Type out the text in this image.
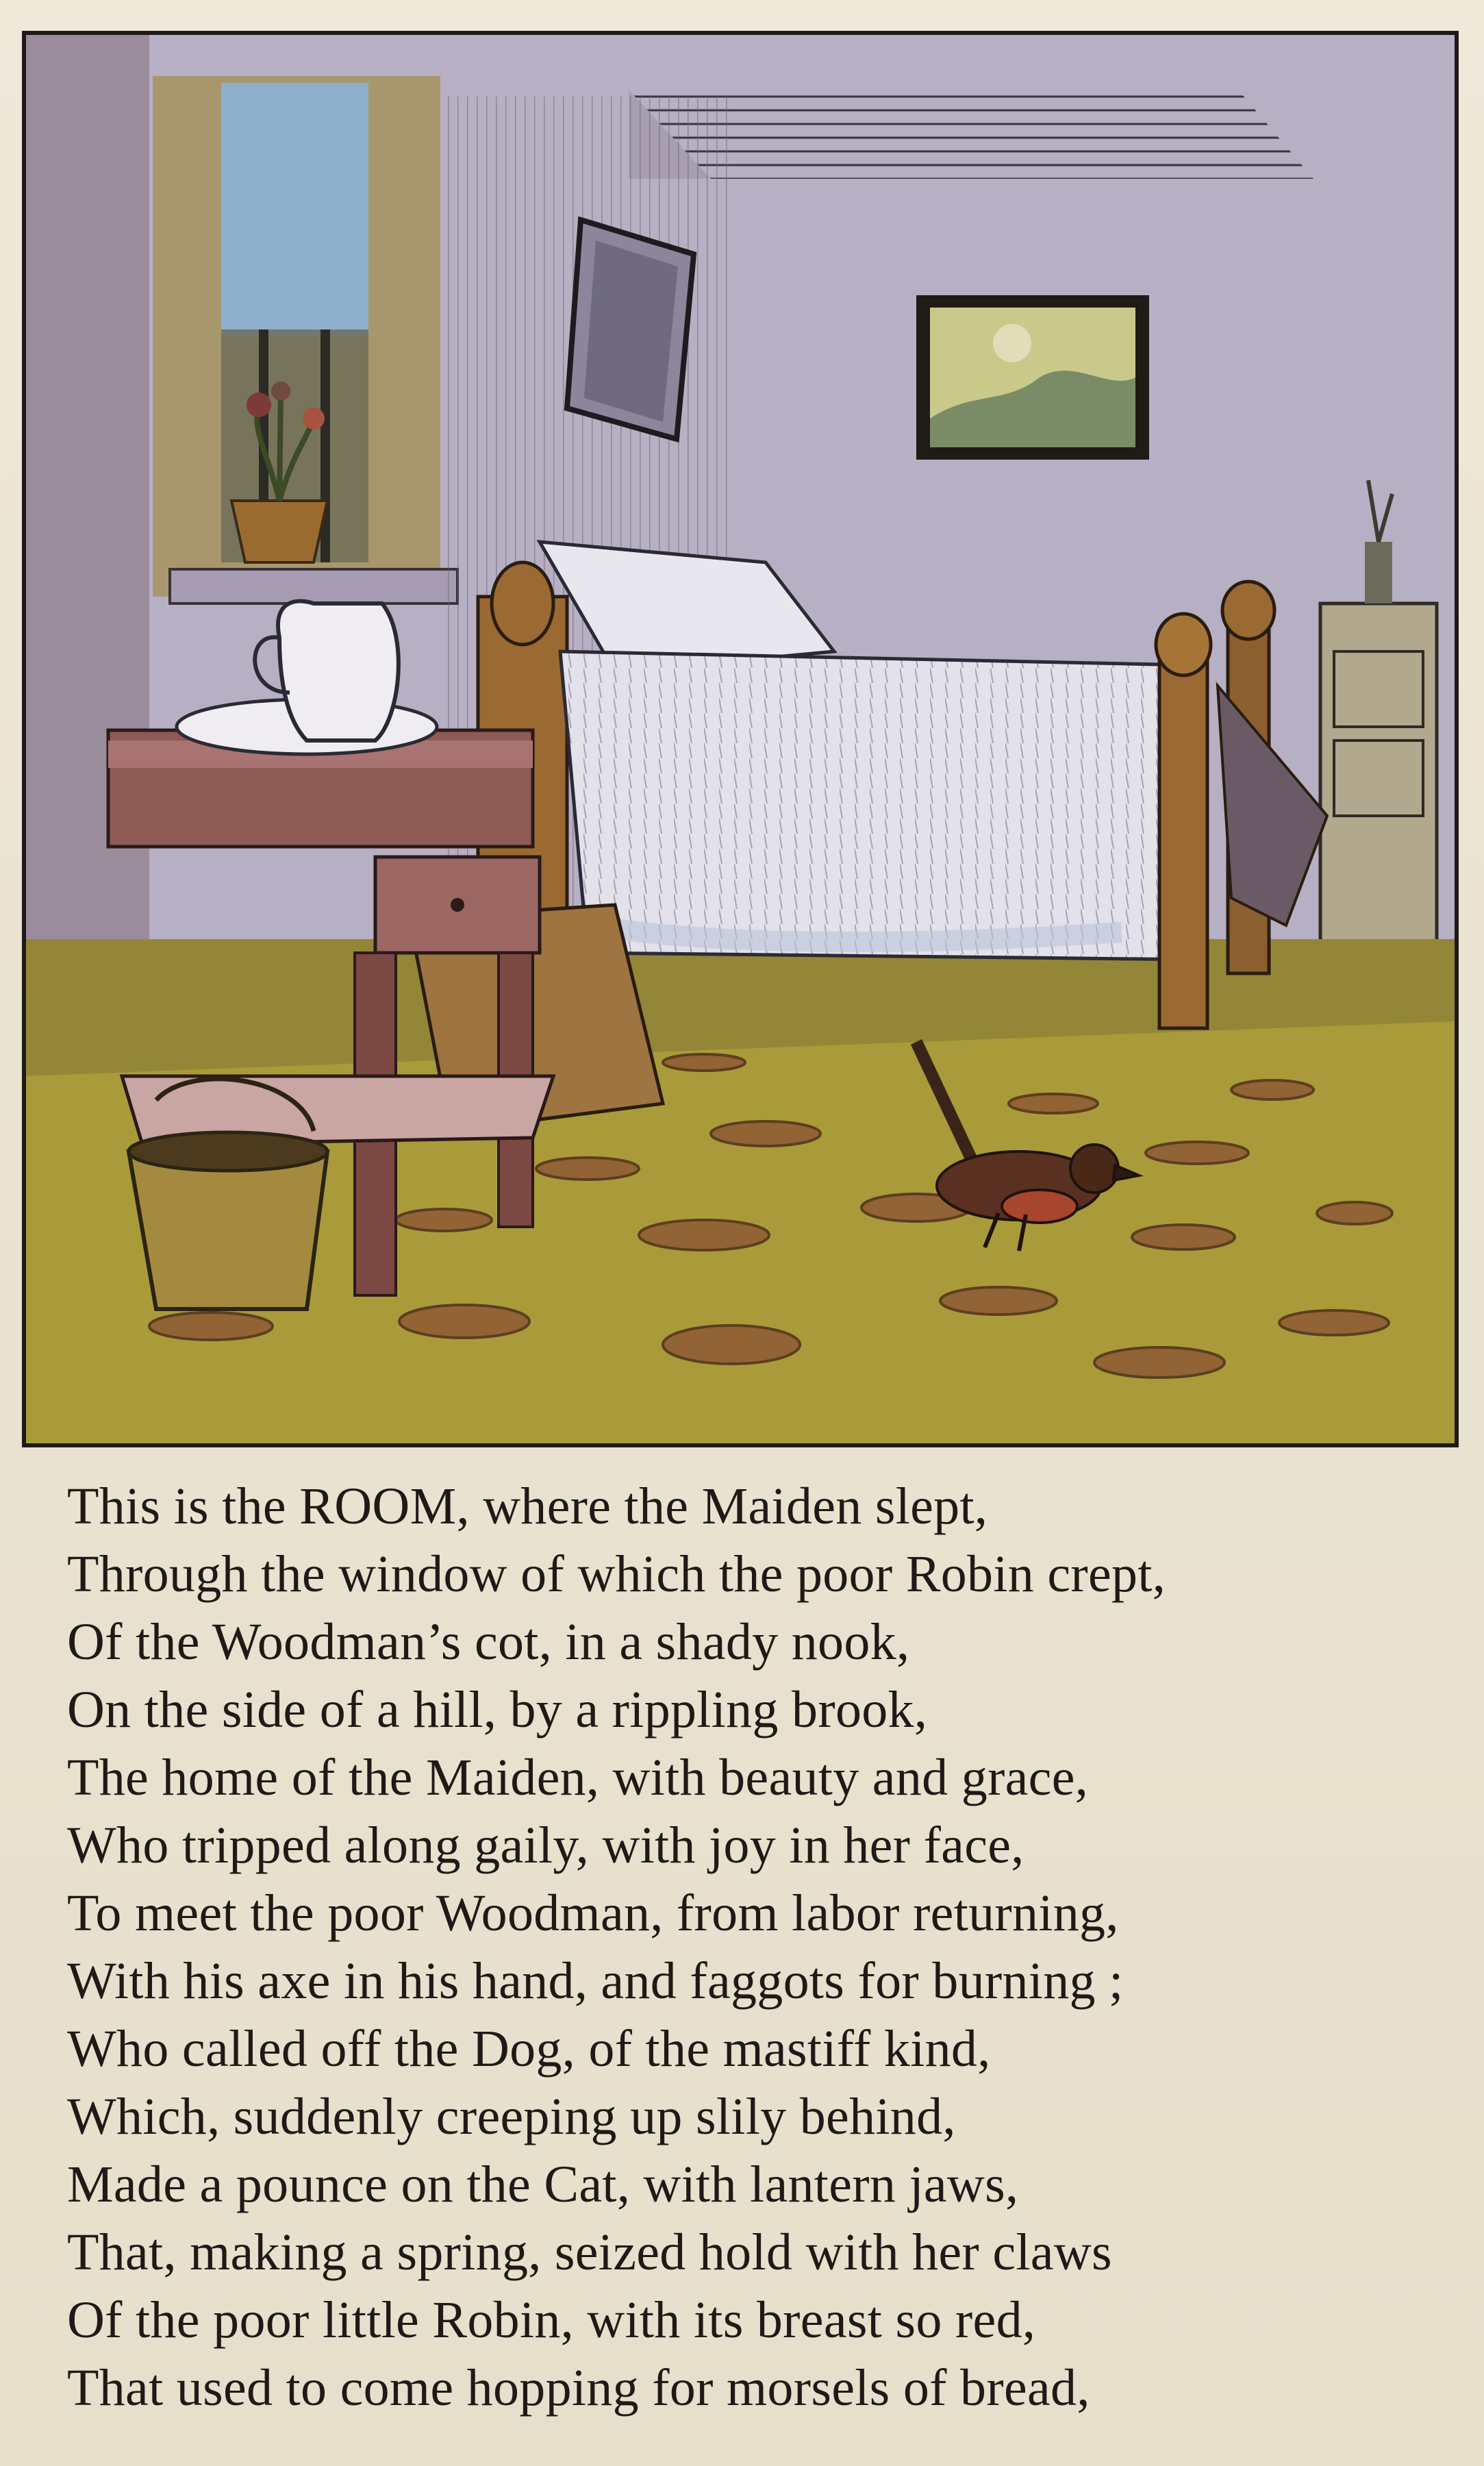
This is the ROOM, where the Maiden slept,
Through the window of which the poor Robin crept,
Of the Woodman’s cot, in a shady nook,
On the side of a hill, by a rippling brook,
The home of the Maiden, with beauty and grace,
Who tripped along gaily, with joy in her face,
To meet the poor Woodman, from labor returning,
With his axe in his hand, and faggots for burning ;
Who called off the Dog, of the mastiff kind,
Which, suddenly creeping up slily behind,
Made a pounce on the Cat, with lantern jaws,
That, making a spring, seized hold with her claws
Of the poor little Robin, with its breast so red,
That used to come hopping for morsels of bread,
